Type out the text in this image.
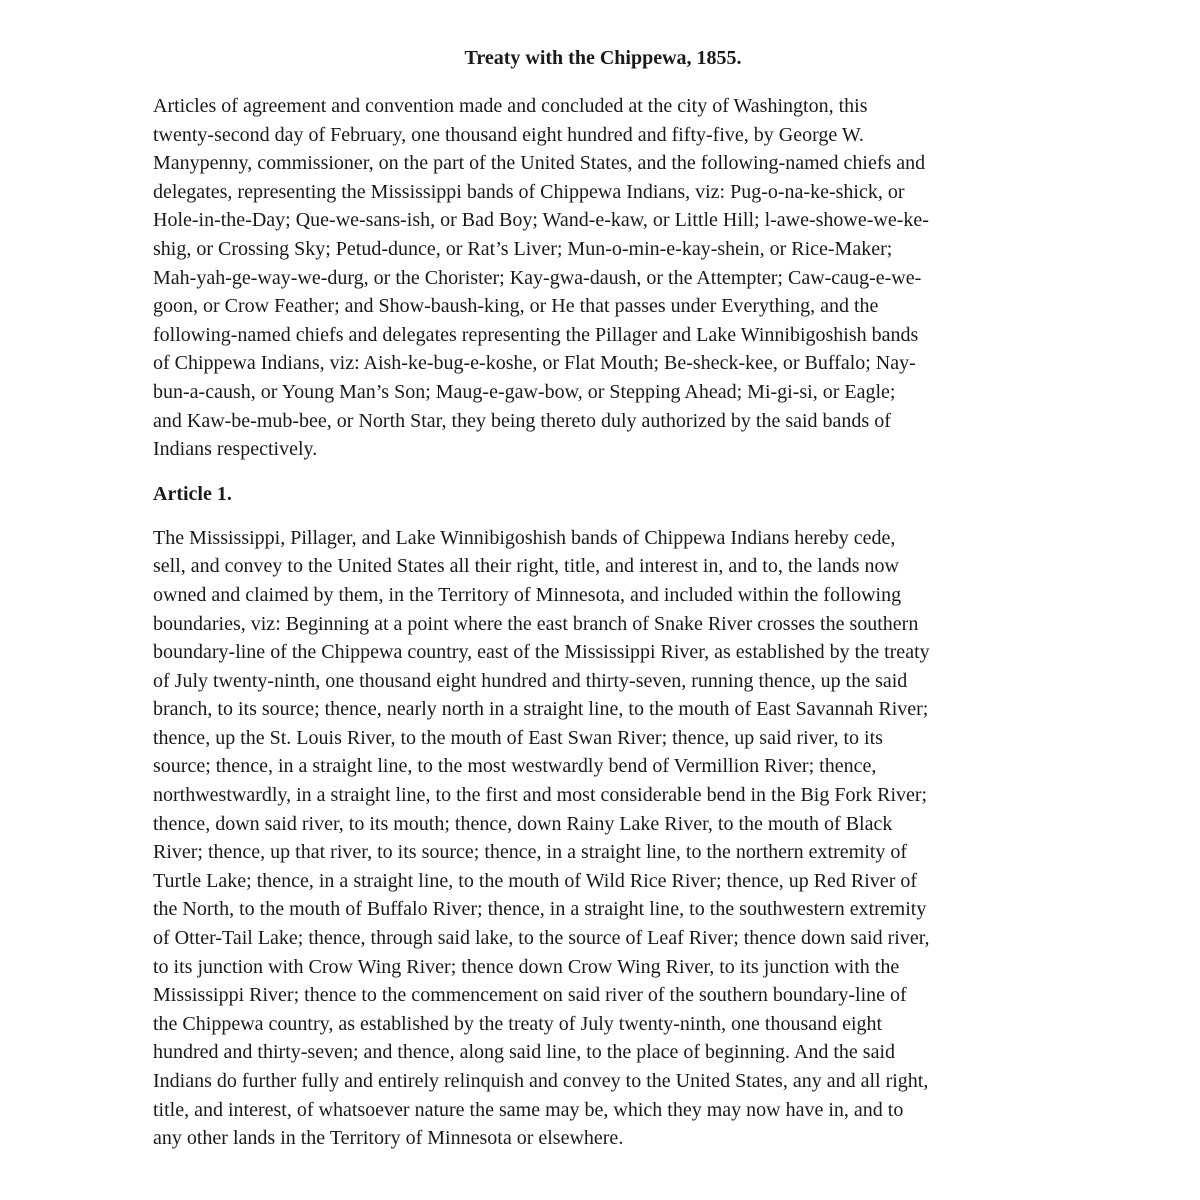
Treaty with the Chippewa, 1855.

Articles of agreement and convention made and concluded at the city of Washington, this
twenty-second day of February, one thousand eight hundred and fifty-five, by George W.
Manypenny, commissioner, on the part of the United States, and the following-named chiefs and
delegates, representing the Mississippi bands of Chippewa Indians, viz: Pug-o-na-ke-shick, or
Hole-in-the-Day; Que-we-sans-ish, or Bad Boy; Wand-e-kaw, or Little Hill; l-awe-showe-we-ke-
shig, or Crossing Sky; Petud-dunce, or Rat’s Liver; Mun-o-min-e-kay-shein, or Rice-Maker;
Mah-yah-ge-way-we-durg, or the Chorister; Kay-gwa-daush, or the Attempter; Caw-caug-e-we-
goon, or Crow Feather; and Show-baush-king, or He that passes under Everything, and the
following-named chiefs and delegates representing the Pillager and Lake Winnibigoshish bands
of Chippewa Indians, viz: Aish-ke-bug-e-koshe, or Flat Mouth; Be-sheck-kee, or Buffalo; Nay-
bun-a-caush, or Young Man’s Son; Maug-e-gaw-bow, or Stepping Ahead; Mi-gi-si, or Eagle;
and Kaw-be-mub-bee, or North Star, they being thereto duly authorized by the said bands of
Indians respectively.

Article 1.

The Mississippi, Pillager, and Lake Winnibigoshish bands of Chippewa Indians hereby cede,
sell, and convey to the United States all their right, title, and interest in, and to, the lands now
owned and claimed by them, in the Territory of Minnesota, and included within the following
boundaries, viz: Beginning at a point where the east branch of Snake River crosses the southern
boundary-line of the Chippewa country, east of the Mississippi River, as established by the treaty
of July twenty-ninth, one thousand eight hundred and thirty-seven, running thence, up the said
branch, to its source; thence, nearly north in a straight line, to the mouth of East Savannah River;
thence, up the St. Louis River, to the mouth of East Swan River; thence, up said river, to its
source; thence, in a straight line, to the most westwardly bend of Vermillion River; thence,
northwestwardly, in a straight line, to the first and most considerable bend in the Big Fork River;
thence, down said river, to its mouth; thence, down Rainy Lake River, to the mouth of Black
River; thence, up that river, to its source; thence, in a straight line, to the northern extremity of
Turtle Lake; thence, in a straight line, to the mouth of Wild Rice River; thence, up Red River of
the North, to the mouth of Buffalo River; thence, in a straight line, to the southwestern extremity
of Otter-Tail Lake; thence, through said lake, to the source of Leaf River; thence down said river,
to its junction with Crow Wing River; thence down Crow Wing River, to its junction with the
Mississippi River; thence to the commencement on said river of the southern boundary-line of
the Chippewa country, as established by the treaty of July twenty-ninth, one thousand eight
hundred and thirty-seven; and thence, along said line, to the place of beginning. And the said
Indians do further fully and entirely relinquish and convey to the United States, any and all right,
title, and interest, of whatsoever nature the same may be, which they may now have in, and to
any other lands in the Territory of Minnesota or elsewhere.
